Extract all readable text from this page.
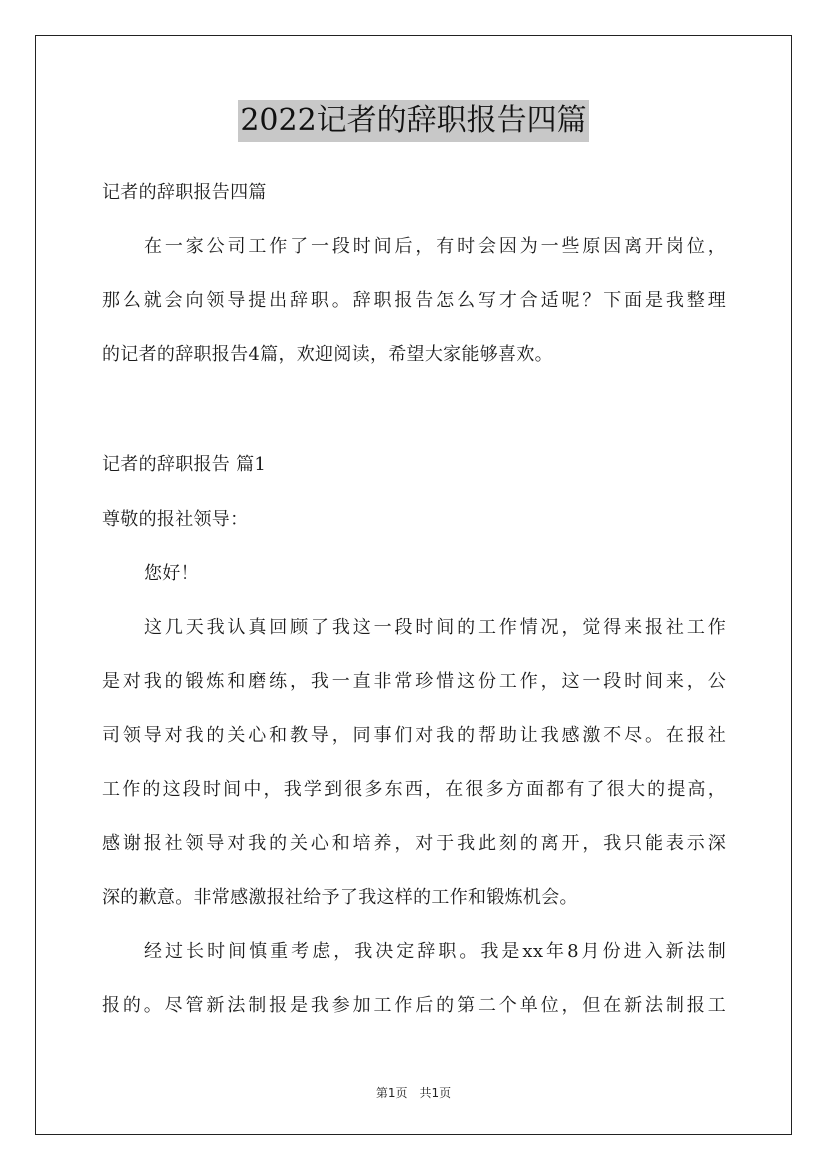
2022记者的辞职报告四篇
记者的辞职报告四篇
在一家公司工作了一段时间后，有时会因为一些原因离开岗位，
那么就会向领导提出辞职。辞职报告怎么写才合适呢？下面是我整理
的记者的辞职报告4篇，欢迎阅读，希望大家能够喜欢。
记者的辞职报告 篇1
尊敬的报社领导：
您好！
这几天我认真回顾了我这一段时间的工作情况，觉得来报社工作
是对我的锻炼和磨练，我一直非常珍惜这份工作，这一段时间来，公
司领导对我的关心和教导，同事们对我的帮助让我感激不尽。在报社
工作的这段时间中，我学到很多东西，在很多方面都有了很大的提高，
感谢报社领导对我的关心和培养，对于我此刻的离开，我只能表示深
深的歉意。非常感激报社给予了我这样的工作和锻炼机会。
经过长时间慎重考虑，我决定辞职。我是xx年8月份进入新法制
报的。尽管新法制报是我参加工作后的第二个单位，但在新法制报工
第1页　共1页
